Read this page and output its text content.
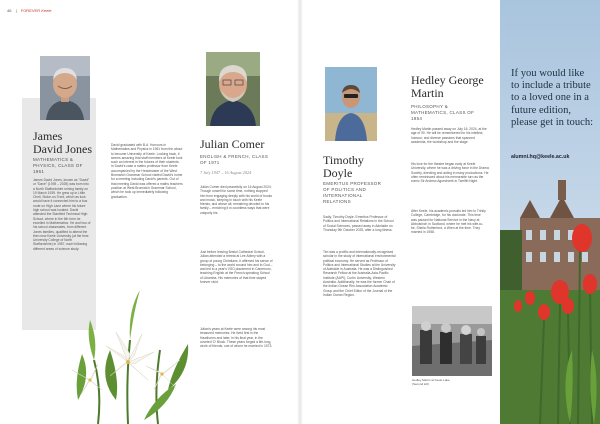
46 | FOREVER Keele
James David Jones
MATHEMATICS & PHYSICS, CLASS OF 1961
James David Jones, known as "David" or "Dave" (1939 – 2025) was born into a North Staffordshire mining family on 19 March 1939. He grew up in Little Chell, Stoke-on-Trent, which as luck would have it connected him to a bus route on High Lane where his future high school was located. David attended the Stanfield Technical High School, where in the 6th form he excelled in Mathematics. He and two of his school classmates, from different Jones families, qualified to attend the then new Keele University (at the time University College of North Staffordshire) in 1957, each following different areas of science study.
David graduated with B.A. Honours in Mathematics and Physics in 1961 from the about to become University of Keele. Looking back, it seems amazing that staff members at Keele took such an interest in the futures of their students. In David's case a maths professor from Keele accompanied by the Headmaster of the West Bromwich Grammar School visited David's home for a meeting including David's parents. Out of that meeting David was offered a maths teachers position at West Bromwich Grammar School, which he took up immediately following graduation.
Julian Comer
ENGLISH & FRENCH, CLASS OF 1971
7 July 1947 – 16 August 2024
Julian Comer died peacefully on 16 August 2024. Though unwell for some time, nothing stopped him from engaging deeply with his world of books and music, keeping in touch with his Keele friends, and above all, remaining devoted to his family – enriching it in countless ways that were uniquely his.
Just before leaving Bristol Cathedral School, Julian attended a retreat at Lee Abbey with a group of young Christians. It affirmed his sense of belonging – to the world around him and to God – and led to a year's VSO placement in Cameroon, teaching English at the French-speaking School of Libamba. His memories of that time stayed forever vivid.
Julian's years at Keele were among his most treasured memories. He lived first in the Hawthorns and later, in his final year, in the coveted 'D' Block. These years forged a life-long circle of friends, one of whom he married in 1973.
Timothy Doyle
EMERITUS PROFESSOR OF POLITICS AND INTERNATIONAL RELATIONS
Sadly, Timothy Doyle, Emeritus Professor of Politics and International Relations in the School of Social Sciences, passed away in Adelaide on Thursday 9th October 2025, after a long illness.
Tim was a prolific and internationally-recognised scholar in the study of international environmental political economy. He served as Professor of Politics and International Studies at the University of Adelaide in Australia. He was a Distinguished Research Fellow at the Australia-Asia-Pacific Institute (AAPI), Curtin University, Western Australia. Additionally, he was the former Chair of the Indian Ocean Rim Association Academic Group and the Chief Editor of the Journal of the Indian Ocean Region.
Hedley George Martin
PHILOSOPHY & MATHEMATICS, CLASS OF 1954
Hedley Martin passed away on July 16, 2024, at the age of 90. He will be remembered for his intellect, humour, and diverse passions that spanned academia, the workshop and the stage.
His love for the theatre began early at Keele University, where he was a driving force in the Drama Society, directing and acting in many productions. He often reminisced about his memorable turn as the comic Sir Andrew Aguecheek in Twelfth Night.
After Keele, his academic pursuits led him to Trinity College, Cambridge, for his doctorate. This time was paused for National Service in the Navy at Abbotsinch in Scotland, where he met his wife-to-be, Sheila Rutherford, a Wren at the time. They married in 1958.
Hedley Martin at Keele Lake (Second left)
If you would like to include a tribute to a loved one in a future edition, please get in touch:
alumni.hq@keele.ac.uk
